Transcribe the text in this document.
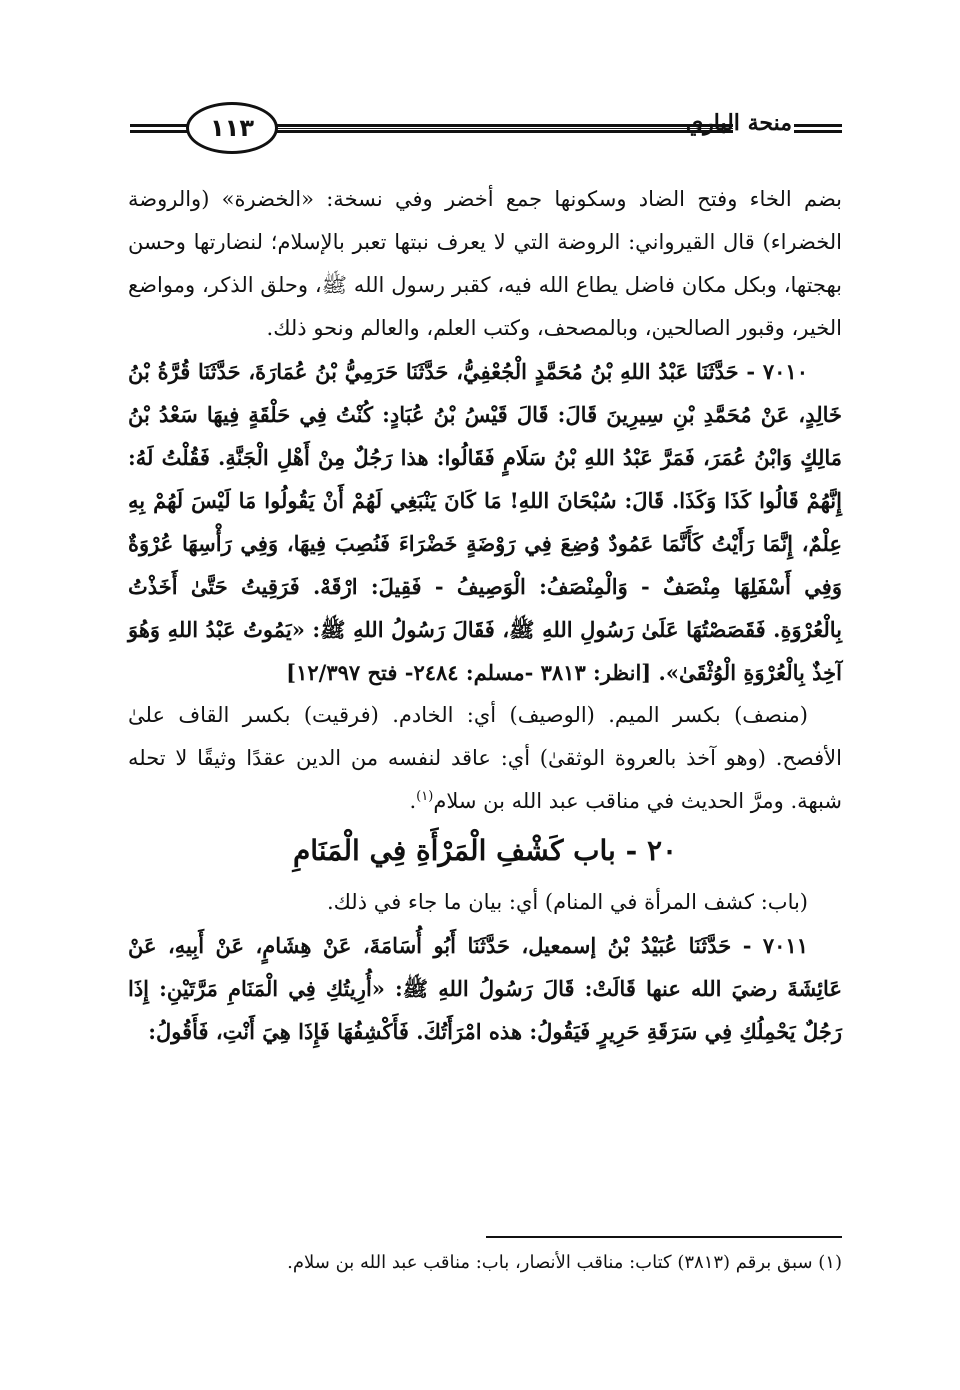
١١٣	منحة الباري

بضم الخاء وفتح الضاد وسكونها جمع أخضر وفي نسخة: «الخضرة» (والروضة الخضراء) قال القيرواني: الروضة التي لا يعرف نبتها تعبر بالإسلام؛ لنضارتها وحسن بهجتها، وبكل مكان فاضل يطاع الله فيه، كقبر رسول الله ﷺ، وحلق الذكر، ومواضع الخير، وقبور الصالحين، وبالمصحف، وكتب العلم، والعالم ونحو ذلك.

٧٠١٠ - حَدَّثَنَا عَبْدُ اللهِ بْنُ مُحَمَّدٍ الْجُعْفِيُّ، حَدَّثَنَا حَرَمِيُّ بْنُ عُمَارَةَ، حَدَّثَنَا قُرَّةُ بْنُ خَالِدٍ، عَنْ مُحَمَّدِ بْنِ سِيرِينَ قَالَ: قَالَ قَيْسُ بْنُ عُبَادٍ: كُنْتُ فِي حَلْقَةٍ فِيهَا سَعْدُ بْنُ مَالِكٍ وَابْنُ عُمَرَ، فَمَرَّ عَبْدُ اللهِ بْنُ سَلَامٍ فَقَالُوا: هذا رَجُلٌ مِنْ أَهْلِ الْجَنَّةِ. فَقُلْتُ لَهُ: إِنَّهُمْ قَالُوا كَذَا وَكَذَا. قَالَ: سُبْحَانَ اللهِ! مَا كَانَ يَنْبَغِي لَهُمْ أَنْ يَقُولُوا مَا لَيْسَ لَهُمْ بِهِ عِلْمٌ، إِنَّمَا رَأَيْتُ كَأَنَّمَا عَمُودٌ وُضِعَ فِي رَوْضَةٍ خَضْرَاءَ فَنُصِبَ فِيهَا، وَفِي رَأْسِهَا عُرْوَةٌ وَفِي أَسْفَلِهَا مِنْصَفٌ - وَالْمِنْصَفُ: الْوَصِيفُ - فَقِيلَ: ارْقَهْ. فَرَقِيتُ حَتَّىٰ أَخَذْتُ بِالْعُرْوَةِ. فَقَصَصْتُهَا عَلَىٰ رَسُولِ اللهِ ﷺ، فَقَالَ رَسُولُ اللهِ ﷺ: «يَمُوتُ عَبْدُ اللهِ وَهُوَ آخِذٌ بِالْعُرْوَةِ الْوُثْقَىٰ». [انظر: ٣٨١٣ -مسلم: ٢٤٨٤- فتح ١٢/٣٩٧]

(منصف) بكسر الميم. (الوصيف) أي: الخادم. (فرقيت) بكسر القاف علىٰ الأفصح. (وهو آخذ بالعروة الوثقىٰ) أي: عاقد لنفسه من الدين عقدًا وثيقًا لا تحله شبهة. ومرَّ الحديث في مناقب عبد الله بن سلام$^{(١)}$.

٢٠ - باب كَشْفِ الْمَرْأَةِ فِي الْمَنَامِ

(باب: كشف المرأة في المنام) أي: بيان ما جاء في ذلك.

٧٠١١ - حَدَّثَنَا عُبَيْدُ بْنُ إسمعيل، حَدَّثَنَا أَبُو أُسَامَةَ، عَنْ هِشَامٍ، عَنْ أَبِيهِ، عَنْ عَائِشَةَ رضيَ الله عنها قَالَتْ: قَالَ رَسُولُ اللهِ ﷺ: «أُرِيتُكِ فِي الْمَنَامِ مَرَّتَيْنِ: إِذَا رَجُلٌ يَحْمِلُكِ فِي سَرَقَةِ حَرِيرٍ فَيَقُولُ: هذه امْرَأَتُكَ. فَأَكْشِفُهَا فَإِذَا هِيَ أَنْتِ، فَأَقُولُ:

(١) سبق برقم (٣٨١٣) كتاب: مناقب الأنصار، باب: مناقب عبد الله بن سلام.
